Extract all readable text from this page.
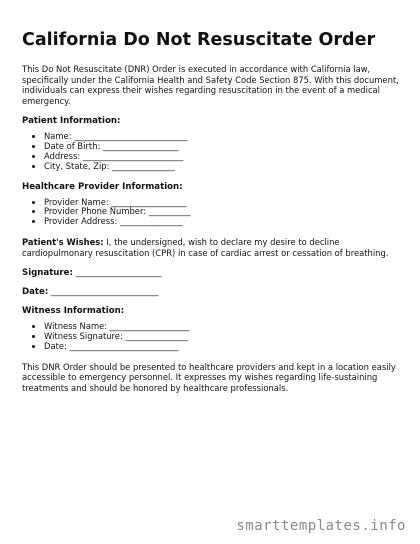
California Do Not Resuscitate Order

This Do Not Resuscitate (DNR) Order is executed in accordance with California law, specifically under the California Health and Safety Code Section 875. With this document, individuals can express their wishes regarding resuscitation in the event of a medical emergency.

Patient Information:
• Name: ___________________________
• Date of Birth: __________________
• Address: ________________________
• City, State, Zip: _______________
Healthcare Provider Information:
• Provider Name: __________________
• Provider Phone Number: __________
• Provider Address: _______________

Patient's Wishes: I, the undersigned, wish to declare my desire to decline cardiopulmonary resuscitation (CPR) in case of cardiac arrest or cessation of breathing.

Signature: ____________________
Date: _________________________
Witness Information:
• Witness Name: ___________________
• Witness Signature: _______________
• Date: __________________________

This DNR Order should be presented to healthcare providers and kept in a location easily accessible to emergency personnel. It expresses my wishes regarding life-sustaining treatments and should be honored by healthcare professionals.

smarttemplates.info
